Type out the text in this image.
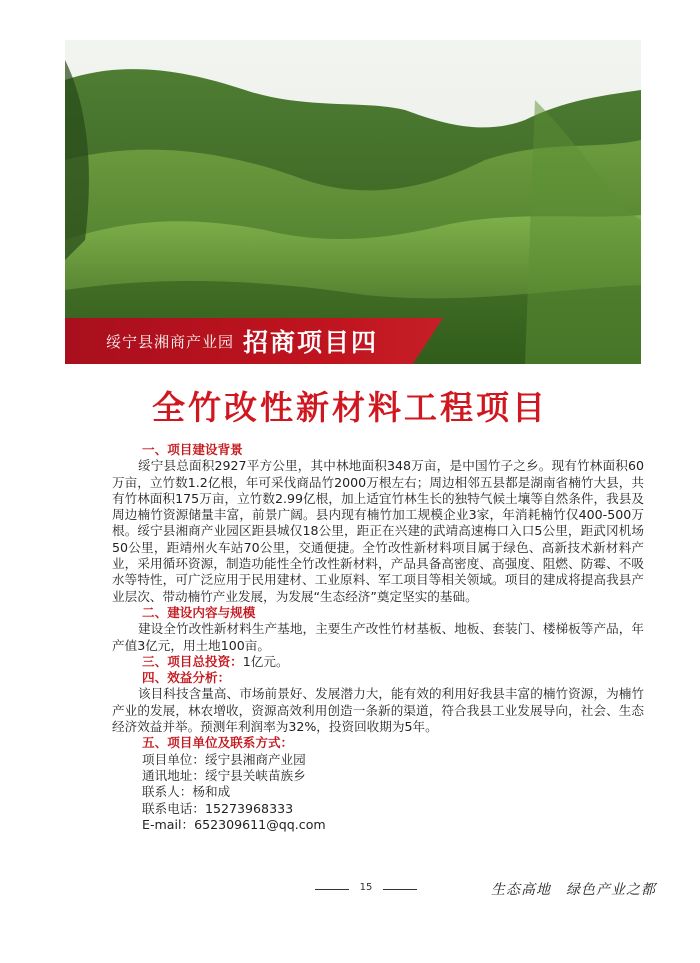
绥宁县湘商产业园 招商项目四
全竹改性新材料工程项目
一、项目建设背景
绥宁县总面积2927平方公里，其中林地面积348万亩，是中国竹子之乡。现有竹林面积60万亩，立竹数1.2亿根，年可采伐商品竹2000万根左右；周边相邻五县都是湖南省楠竹大县，共有竹林面积175万亩，立竹数2.99亿根，加上适宜竹林生长的独特气候土壤等自然条件，我县及周边楠竹资源储量丰富，前景广阔。县内现有楠竹加工规模企业3家，年消耗楠竹仅400-500万根。绥宁县湘商产业园区距县城仅18公里，距正在兴建的武靖高速梅口入口5公里，距武冈机场50公里，距靖州火车站70公里，交通便捷。全竹改性新材料项目属于绿色、高新技术新材料产业，采用循环资源，制造功能性全竹改性新材料，产品具备高密度、高强度、阻燃、防霉、不吸水等特性，可广泛应用于民用建材、工业原料、军工项目等相关领域。项目的建成将提高我县产业层次、带动楠竹产业发展，为发展“生态经济”奠定坚实的基础。
二、建设内容与规模
建设全竹改性新材料生产基地，主要生产改性竹材基板、地板、套装门、楼梯板等产品，年产值3亿元，用土地100亩。
三、项目总投资：1亿元。
四、效益分析：
该目科技含量高、市场前景好、发展潜力大，能有效的利用好我县丰富的楠竹资源，为楠竹产业的发展，林农增收，资源高效利用创造一条新的渠道，符合我县工业发展导向，社会、生态经济效益并举。预测年利润率为32%，投资回收期为5年。
五、项目单位及联系方式：
项目单位：绥宁县湘商产业园
通讯地址：绥宁县关峡苗族乡
联系人：杨和成
联系电话：15273968333
E-mail：652309611@qq.com
15	生态高地　绿色产业之都
